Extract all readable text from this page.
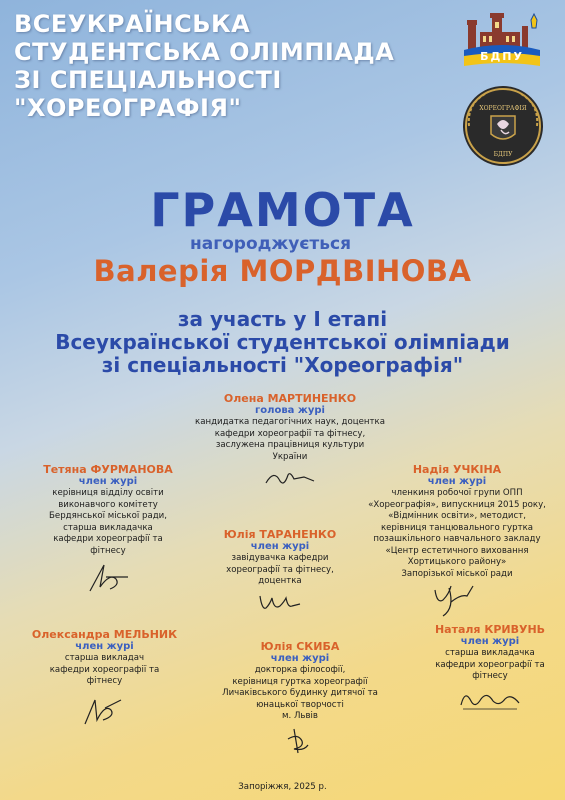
ВСЕУКРАЇНСЬКА
СТУДЕНТСЬКА ОЛІМПІАДА
ЗІ СПЕЦІАЛЬНОСТІ
"ХОРЕОГРАФІЯ"
БДПУ
ХОРЕОГРАФІЯ
БДПУ
ГРАМОТА
нагороджується
Валерія МОРДВІНОВА
за участь у І етапі
Всеукраїнської студентської олімпіади
зі спеціальності "Хореографія"
Олена МАРТИНЕНКО
голова журі
кандидатка педагогічних наук, доцентка
кафедри хореографії та фітнесу,
заслужена працівниця культури
України
Тетяна ФУРМАНОВА
член журі
керівниця відділу освіти
виконавчого комітету
Бердянської міської ради,
старша викладачка
кафедри хореографії та
фітнесу
Надія УЧКІНА
член журі
членкиня робочої групи ОПП
«Хореографія», випускниця 2015 року,
«Відмінник освіти», методист,
керівниця танцювального гуртка
позашкільного навчального закладу
«Центр естетичного виховання
Хортицького району»
Запорізької міської ради
Юлія ТАРАНЕНКО
член журі
завідувачка кафедри
хореографії та фітнесу,
доцентка
Олександра МЕЛЬНИК
член журі
старша викладач
кафедри хореографії та
фітнесу
Юлія СКИБА
член журі
докторка філософії,
керівниця гуртка хореографії
Личаківського будинку дитячої та
юнацької творчості
м. Львів
Наталя КРИВУНЬ
член журі
старша викладачка
кафедри хореографії та
фітнесу
Запоріжжя, 2025 р.
